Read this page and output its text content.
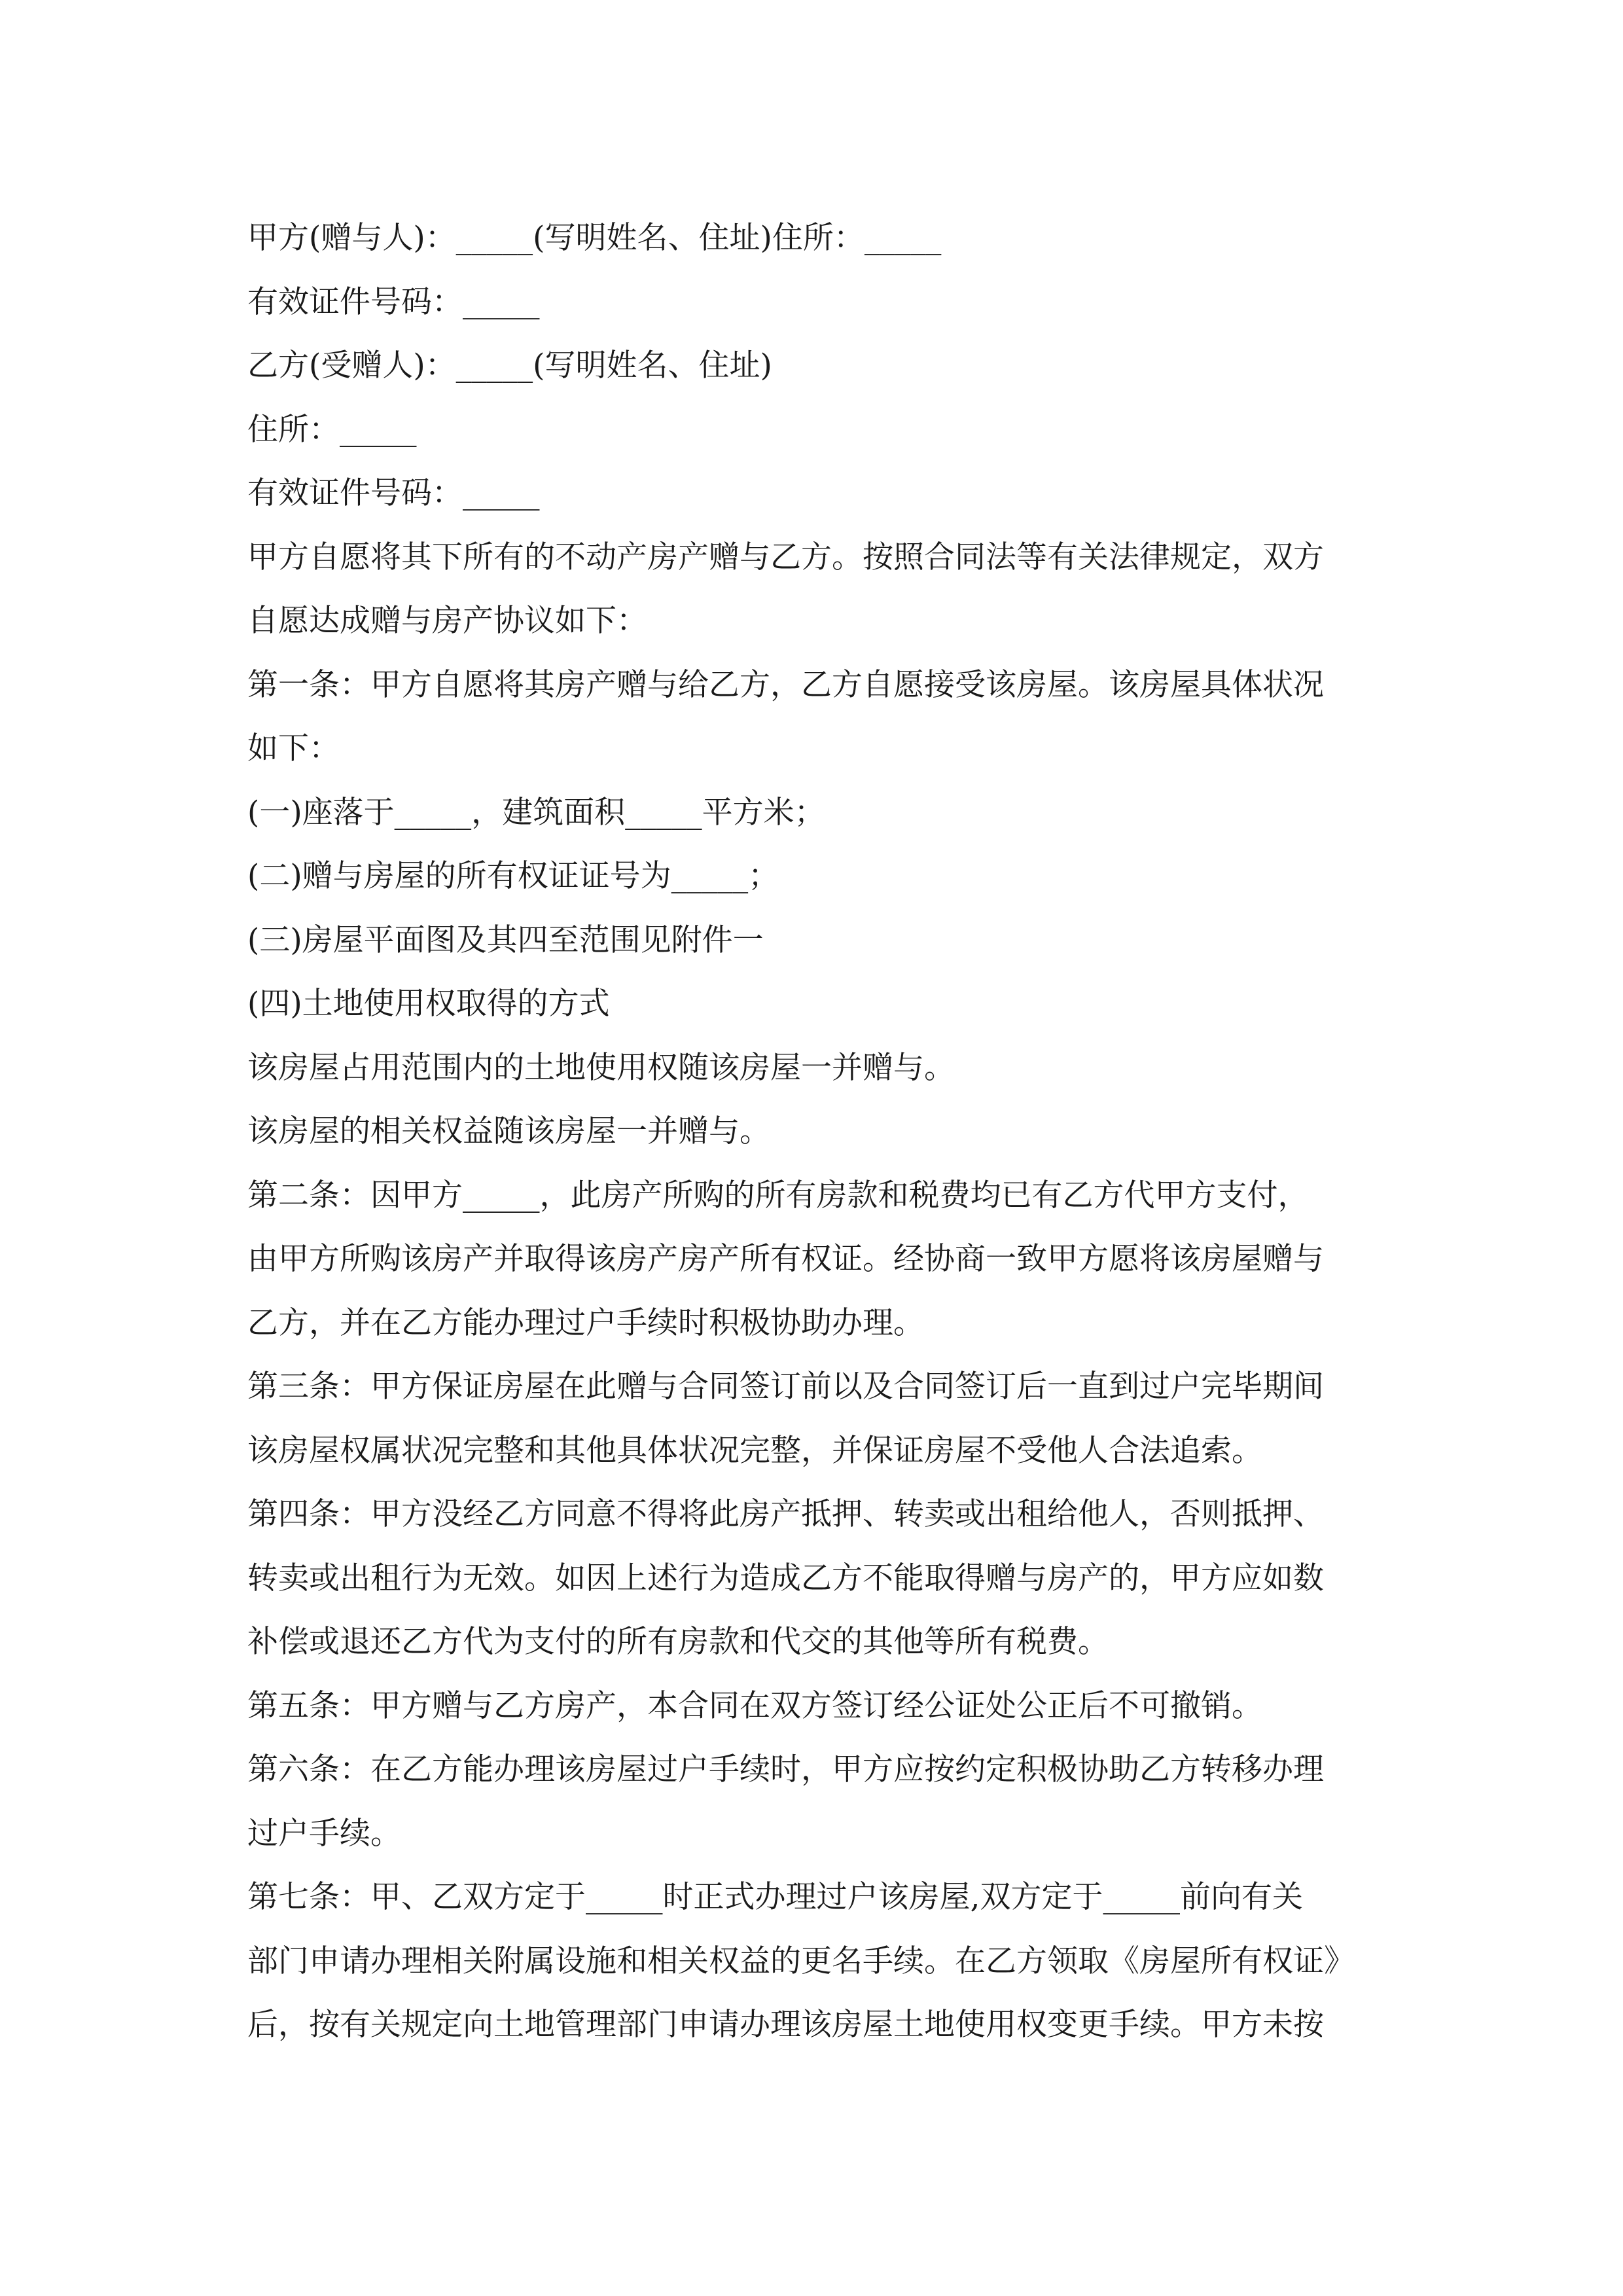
甲方(赠与人)：_____(写明姓名、住址)住所：_____
有效证件号码：_____
乙方(受赠人)：_____(写明姓名、住址)
住所：_____
有效证件号码：_____
甲方自愿将其下所有的不动产房产赠与乙方。按照合同法等有关法律规定，双方
自愿达成赠与房产协议如下：
第一条：甲方自愿将其房产赠与给乙方，乙方自愿接受该房屋。该房屋具体状况
如下：
(一)座落于_____，建筑面积_____平方米；
(二)赠与房屋的所有权证证号为_____；
(三)房屋平面图及其四至范围见附件一
(四)土地使用权取得的方式
该房屋占用范围内的土地使用权随该房屋一并赠与。
该房屋的相关权益随该房屋一并赠与。
第二条：因甲方_____，此房产所购的所有房款和税费均已有乙方代甲方支付，
由甲方所购该房产并取得该房产房产所有权证。经协商一致甲方愿将该房屋赠与
乙方，并在乙方能办理过户手续时积极协助办理。
第三条：甲方保证房屋在此赠与合同签订前以及合同签订后一直到过户完毕期间
该房屋权属状况完整和其他具体状况完整，并保证房屋不受他人合法追索。
第四条：甲方没经乙方同意不得将此房产抵押、转卖或出租给他人，否则抵押、
转卖或出租行为无效。如因上述行为造成乙方不能取得赠与房产的，甲方应如数
补偿或退还乙方代为支付的所有房款和代交的其他等所有税费。
第五条：甲方赠与乙方房产，本合同在双方签订经公证处公正后不可撤销。
第六条：在乙方能办理该房屋过户手续时，甲方应按约定积极协助乙方转移办理
过户手续。
第七条：甲、乙双方定于_____时正式办理过户该房屋,双方定于_____前向有关
部门申请办理相关附属设施和相关权益的更名手续。在乙方领取《房屋所有权证》
后，按有关规定向土地管理部门申请办理该房屋土地使用权变更手续。甲方未按
